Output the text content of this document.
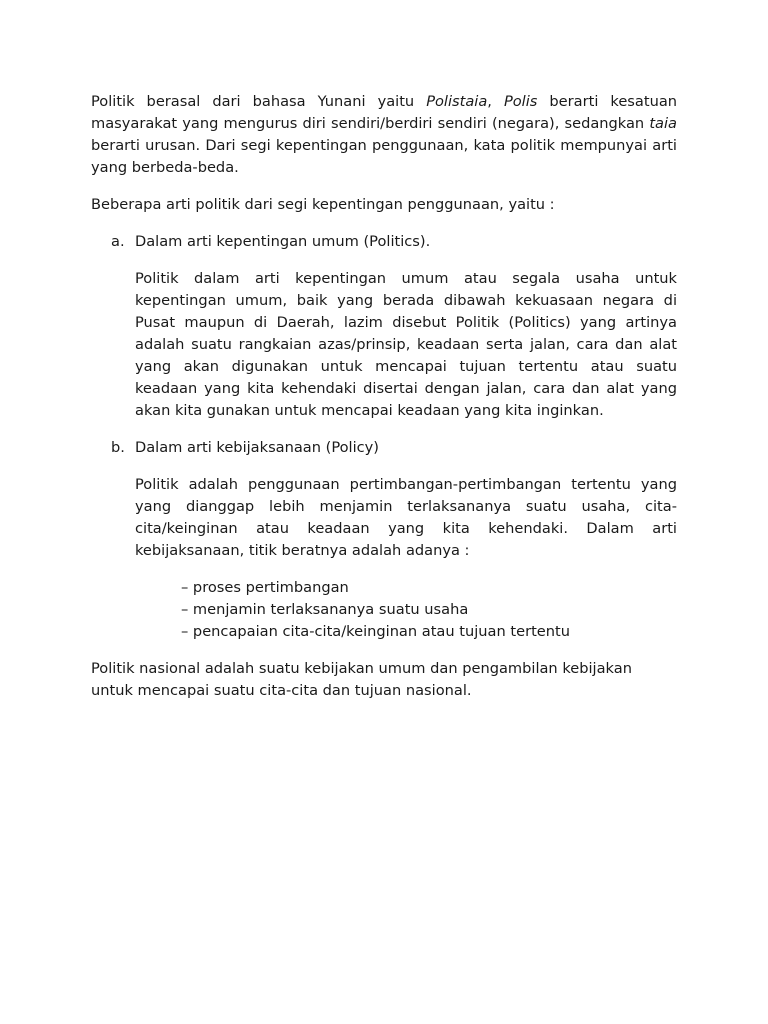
Politik berasal dari bahasa Yunani yaitu Polistaia, Polis berarti kesatuan masyarakat yang mengurus diri sendiri/berdiri sendiri (negara), sedangkan taia berarti urusan. Dari segi kepentingan penggunaan, kata politik mempunyai arti yang berbeda-beda.

Beberapa arti politik dari segi kepentingan penggunaan, yaitu :

a. Dalam arti kepentingan umum (Politics).

Politik dalam arti kepentingan umum atau segala usaha untuk kepentingan umum, baik yang berada dibawah kekuasaan negara di Pusat maupun di Daerah, lazim disebut Politik (Politics) yang artinya adalah suatu rangkaian azas/prinsip, keadaan serta jalan, cara dan alat yang akan digunakan untuk mencapai tujuan tertentu atau suatu keadaan yang kita kehendaki disertai dengan jalan, cara dan alat yang akan kita gunakan untuk mencapai keadaan yang kita inginkan.

b. Dalam arti kebijaksanaan (Policy)

Politik adalah penggunaan pertimbangan-pertimbangan tertentu yang yang dianggap lebih menjamin terlaksananya suatu usaha, cita-cita/keinginan atau keadaan yang kita kehendaki. Dalam arti kebijaksanaan, titik beratnya adalah adanya :

– proses pertimbangan
– menjamin terlaksananya suatu usaha
– pencapaian cita-cita/keinginan atau tujuan tertentu

Politik nasional adalah suatu kebijakan umum dan pengambilan kebijakan untuk mencapai suatu cita-cita dan tujuan nasional.
